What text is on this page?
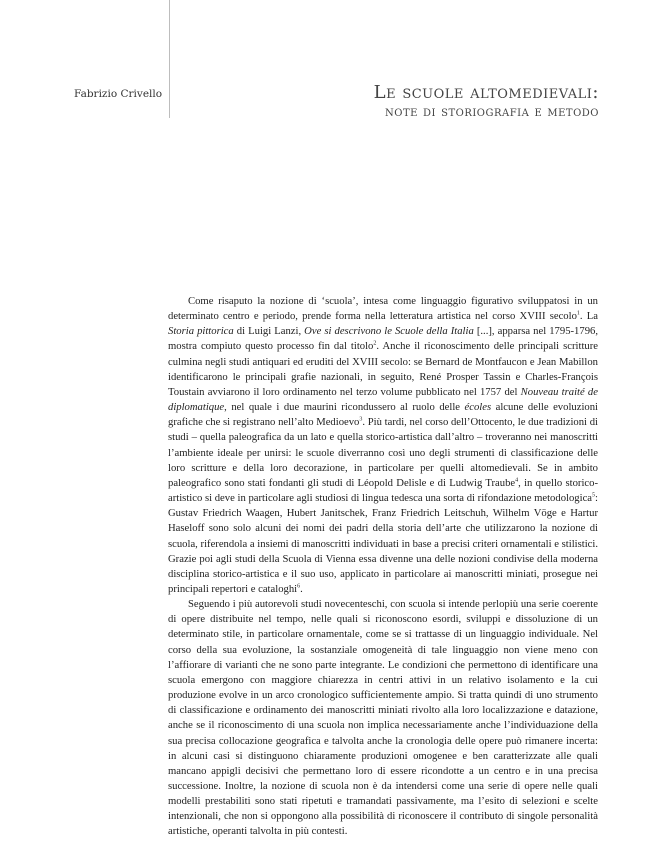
Fabrizio Crivello	Le scuole altomedievali:
note di storiografia e metodo

Come risaputo la nozione di ‘scuola’, intesa come linguaggio figurativo sviluppatosi in un determinato centro e periodo, prende forma nella letteratura artistica nel corso XVIII secolo$^1$. La Storia pittorica di Luigi Lanzi, Ove si descrivono le Scuole della Italia [...], apparsa nel 1795-1796, mostra compiuto questo processo fin dal titolo$^2$. Anche il riconoscimento delle principali scritture culmina negli studi antiquari ed eruditi del XVIII secolo: se Bernard de Montfaucon e Jean Mabillon identificarono le principali grafie nazionali, in seguito, René Prosper Tassin e Charles-François Toustain avviarono il loro ordinamento nel terzo volume pubblicato nel 1757 del Nouveau traité de diplomatique, nel quale i due maurini ricondussero al ruolo delle écoles alcune delle evoluzioni grafiche che si registrano nell’alto Medioevo$^3$. Più tardi, nel corso dell’Ottocento, le due tradizioni di studi – quella paleografica da un lato e quella storico-artistica dall’altro – troveranno nei manoscritti l’ambiente ideale per unirsi: le scuole diverranno così uno degli strumenti di classificazione delle loro scritture e della loro decorazione, in particolare per quelli altomedievali. Se in ambito paleografico sono stati fondanti gli studi di Léopold Delisle e di Ludwig Traube$^4$, in quello storico-artistico si deve in particolare agli studiosi di lingua tedesca una sorta di rifondazione metodologica$^5$: Gustav Friedrich Waagen, Hubert Janitschek, Franz Friedrich Leitschuh, Wilhelm Vöge e Hartur Haseloff sono solo alcuni dei nomi dei padri della storia dell’arte che utilizzarono la nozione di scuola, riferendola a insiemi di manoscritti individuati in base a precisi criteri ornamentali e stilistici. Grazie poi agli studi della Scuola di Vienna essa divenne una delle nozioni condivise della moderna disciplina storico-artistica e il suo uso, applicato in particolare ai manoscritti miniati, prosegue nei principali repertori e cataloghi$^6$.

Seguendo i più autorevoli studi novecenteschi, con scuola si intende perlopiù una serie coerente di opere distribuite nel tempo, nelle quali si riconoscono esordi, sviluppi e dissoluzione di un determinato stile, in particolare ornamentale, come se si trattasse di un linguaggio individuale. Nel corso della sua evoluzione, la sostanziale omogeneità di tale linguaggio non viene meno con l’affiorare di varianti che ne sono parte integrante. Le condizioni che permettono di identificare una scuola emergono con maggiore chiarezza in centri attivi in un relativo isolamento e la cui produzione evolve in un arco cronologico sufficientemente ampio. Si tratta quindi di uno strumento di classificazione e ordinamento dei manoscritti miniati rivolto alla loro localizzazione e datazione, anche se il riconoscimento di una scuola non implica necessariamente anche l’individuazione della sua precisa collocazione geografica e talvolta anche la cronologia delle opere può rimanere incerta: in alcuni casi si distinguono chiaramente produzioni omogenee e ben caratterizzate alle quali mancano appigli decisivi che permettano loro di essere ricondotte a un centro e in una precisa successione. Inoltre, la nozione di scuola non è da intendersi come una serie di opere nelle quali modelli prestabiliti sono stati ripetuti e tramandati passivamente, ma l’esito di selezioni e scelte intenzionali, che non si oppongono alla possibilità di riconoscere il contributo di singole personalità artistiche, operanti talvolta in più contesti.
